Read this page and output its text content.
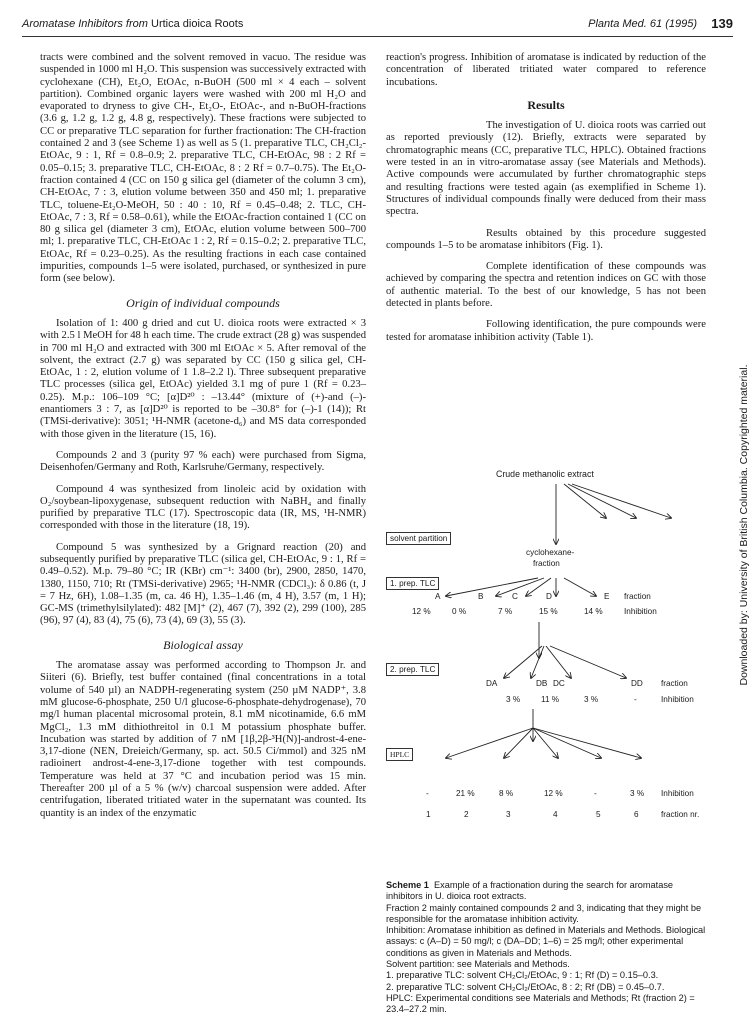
Aromatase Inhibitors from Urtica dioica Roots	Planta Med. 61 (1995) 139
Downloaded by: University of British Columbia. Copyrighted material.

tracts were combined and the solvent removed in vacuo. The residue was suspended in 1000 ml H₂O. This suspension was successively extracted with cyclohexane (CH), Et₂O, EtOAc, n-BuOH (500 ml × 4 each – solvent partition). Combined organic layers were washed with 200 ml H₂O and evaporated to dryness to give CH-, Et₂O-, EtOAc-, and n-BuOH-fractions (3.6 g, 1.2 g, 1.2 g, 4.8 g, respectively). These fractions were subjected to CC or preparative TLC separation for further fractionation: The CH-fraction contained 2 and 3 (see Scheme 1) as well as 5 (1. preparative TLC, CH₂Cl₂-EtOAc, 9 : 1, Rf = 0.8–0.9; 2. preparative TLC, CH-EtOAc, 98 : 2 Rf = 0.05–0.15; 3. preparative TLC, CH-EtOAc, 8 : 2 Rf = 0.7–0.75). The Et₂O-fraction contained 4 (CC on 150 g silica gel (diameter of the column 3 cm), CH-EtOAc, 7 : 3, elution volume between 350 and 450 ml; 1. preparative TLC, toluene-Et₂O-MeOH, 50 : 40 : 10, Rf = 0.45–0.48; 2. TLC, CH-EtOAc, 7 : 3, Rf = 0.58–0.61), while the EtOAc-fraction contained 1 (CC on 80 g silica gel (diameter 3 cm), EtOAc, elution volume between 500–700 ml; 1. preparative TLC, CH-EtOAc 1 : 2, Rf = 0.15–0.2; 2. preparative TLC, EtOAc, Rf = 0.23–0.25). As the resulting fractions in each case contained impurities, compounds 1–5 were isolated, purchased, or synthesized in pure form (see below).

Origin of individual compounds

Isolation of 1: 400 g dried and cut U. dioica roots were extracted × 3 with 2.5 l MeOH for 48 h each time. The crude extract (28 g) was suspended in 700 ml H₂O and extracted with 300 ml EtOAc × 5. After removal of the solvent, the extract (2.7 g) was separated by CC (150 g silica gel, CH-EtOAc, 1 : 2, elution volume of 1 1.8–2.2 l). Three subsequent preparative TLC processes (silica gel, EtOAc) yielded 3.1 mg of pure 1 (Rf = 0.23–0.25). M.p.: 106–109 °C; [α]D²⁰ : –13.44° (mixture of (+)-and (–)-enantiomers 3 : 7, as [α]D²⁰ is reported to be –30.8° for (–)-1 (14)); Rt (TMSi-derivative): 3051; ¹H-NMR (acetone-d₆) and MS data corresponded with those given in the literature (15, 16).

Compounds 2 and 3 (purity 97 % each) were purchased from Sigma, Deisenhofen/Germany and Roth, Karlsruhe/Germany, respectively.

Compound 4 was synthesized from linoleic acid by oxidation with O₂/soybean-lipoxygenase, subsequent reduction with NaBH₄ and finally purified by preparative TLC (17). Spectroscopic data (IR, MS, ¹H-NMR) corresponded with those in the literature (18, 19).

Compound 5 was synthesized by a Grignard reaction (20) and subsequently purified by preparative TLC (silica gel, CH-EtOAc, 9 : 1, Rf = 0.49–0.52). M.p. 79–80 °C; IR (KBr) cm⁻¹: 3400 (br), 2900, 2850, 1470, 1380, 1150, 710; Rt (TMSi-derivative) 2965; ¹H-NMR (CDCl₃): δ 0.86 (t, J = 7 Hz, 6H), 1.08–1.35 (m, ca. 46 H), 1.35–1.46 (m, 4 H), 3.57 (m, 1 H); GC-MS (trimethylsilylated): 482 [M]⁺ (2), 467 (7), 392 (2), 299 (100), 285 (96), 97 (4), 83 (4), 75 (6), 73 (4), 69 (3), 55 (3).

Biological assay

The aromatase assay was performed according to Thompson Jr. and Siiteri (6). Briefly, test buffer contained (final concentrations in a total volume of 540 µl) an NADPH-regenerating system (250 µM NADP⁺, 3.8 mM glucose-6-phosphate, 250 U/l glucose-6-phosphate-dehydrogenase), 70 mg/l human placental microsomal protein, 8.1 mM nicotinamide, 6.6 mM MgCl₂, 1.3 mM dithiothreitol in 0.1 M potassium phosphate buffer. Incubation was started by addition of 7 nM [1β,2β-³H(N)]-androst-4-ene-3,17-dione (NEN, Dreieich/Germany, sp. act. 50.5 Ci/mmol) and 325 nM radioinert androst-4-ene-3,17-dione together with test compounds. Temperature was held at 37 °C and incubation period was 15 min. Thereafter 200 µl of a 5 % (w/v) charcoal suspension were added. After centrifugation, liberated tritiated water in the supernatant was counted. Its quantity is an index of the enzymatic

reaction's progress. Inhibition of aromatase is indicated by reduction of the concentration of liberated tritiated water compared to reference incubations.

Results

The investigation of U. dioica roots was carried out as reported previously (12). Briefly, extracts were separated by chromatographic means (CC, preparative TLC, HPLC). Obtained fractions were tested in an in vitro-aromatase assay (see Materials and Methods). Active compounds were accumulated by further chromatographic steps and resulting fractions were tested again (as exemplified in Scheme 1). Structures of individual compounds finally were deduced from their mass spectra.

Results obtained by this procedure suggested compounds 1–5 to be aromatase inhibitors (Fig. 1).

Complete identification of these compounds was achieved by comparing the spectra and retention indices on GC with those of authentic material. To the best of our knowledge, 5 has not been detected in plants before.

Following identification, the pure compounds were tested for aromatase inhibition activity (Table 1).

Crude methanolic extract
solvent partition
cyclohexane-
fraction
1. prep. TLC
A	B	C	D	E fraction
12 %	0 %	7 %	15 %	14 %	Inhibition
2. prep. TLC
DA	DB DC	DD fraction
3 %	11 %	3 %	-	Inhibition
HPLC
-	21 %	8 %	12 %	-	3 % Inhibition
1	2	3	4	5	6	fraction nr.

Scheme 1 Example of a fractionation during the search for aromatase inhibitors in U. dioica root extracts.

Fraction 2 mainly contained compounds 2 and 3, indicating that they might be responsible for the aromatase inhibition activity.

Inhibition: Aromatase inhibition as defined in Materials and Methods. Biological assays: c (A–D) = 50 mg/l; c (DA–DD; 1–6) = 25 mg/l; other experimental conditions as given in Materials and Methods.

Solvent partition: see Materials and Methods.

1. preparative TLC: solvent CH₂Cl₂/EtOAc, 9 : 1; Rf (D) = 0.15–0.3.

2. preparative TLC: solvent CH₂Cl₂/EtOAc, 8 : 2; Rf (DB) = 0.45–0.7.

HPLC: Experimental conditions see Materials and Methods; Rt (fraction 2) = 23.4–27.2 min.
